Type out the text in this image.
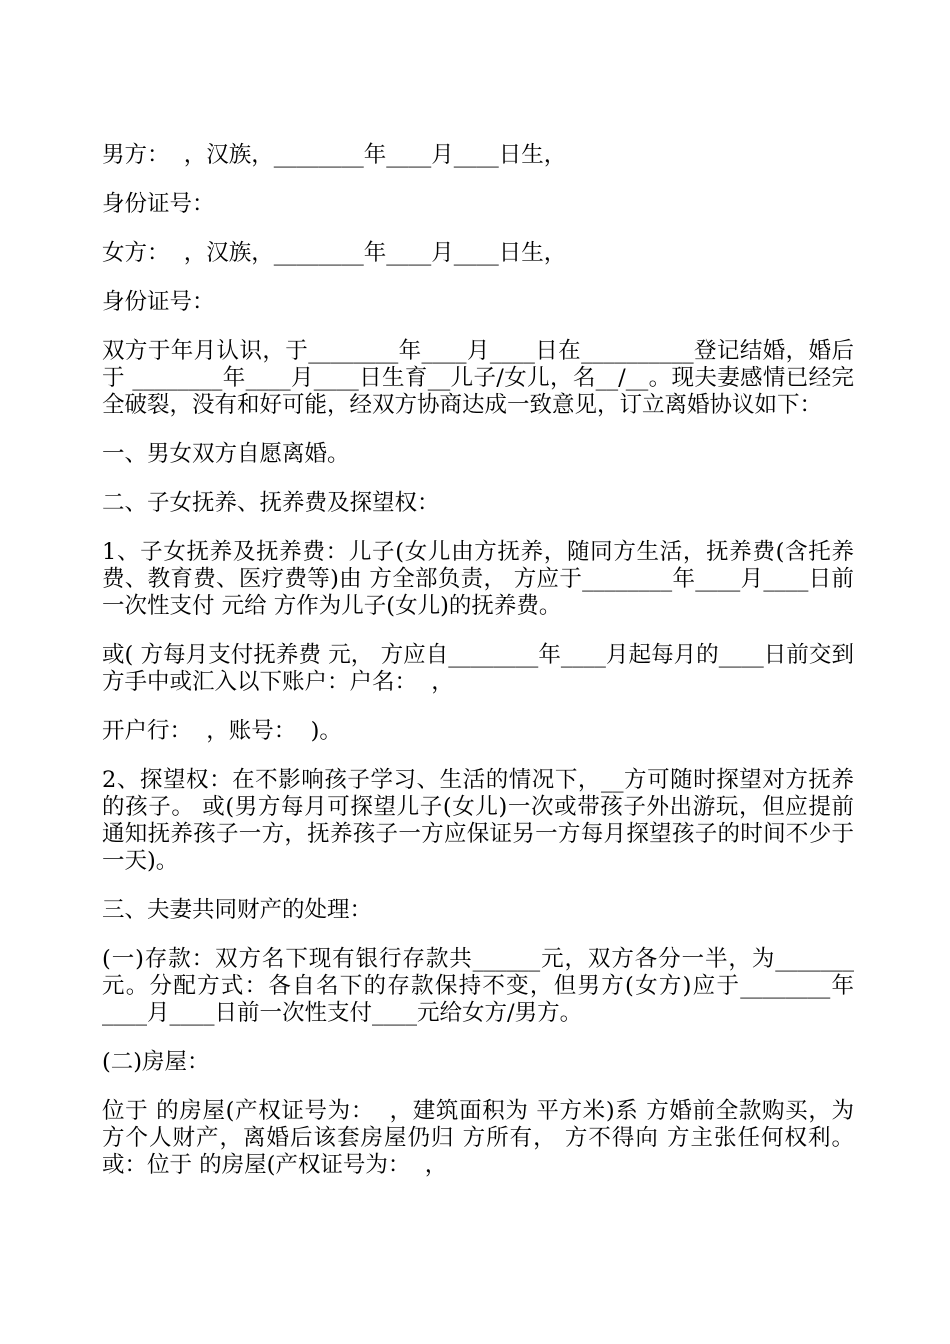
男方：  ，汉族，________年____月____日生，

身份证号：

女方：  ，汉族，________年____月____日生，

身份证号：

双方于年月认识，于________年____月____日在__________登记结婚，婚后于 ________年____月____日生育__儿子/女儿，名__/__。现夫妻感情已经完全破裂，没有和好可能，经双方协商达成一致意见，订立离婚协议如下：

一、男女双方自愿离婚。

二、子女抚养、抚养费及探望权：

1、子女抚养及抚养费：儿子(女儿由方抚养，随同方生活，抚养费(含托养费、教育费、医疗费等)由 方全部负责， 方应于________年____月____日前一次性支付 元给 方作为儿子(女儿)的抚养费。

或( 方每月支付抚养费 元， 方应自________年____月起每月的____日前交到 方手中或汇入以下账户：户名：  ，

开户行：  ，账号：  )。

2、探望权：在不影响孩子学习、生活的情况下，__方可随时探望对方抚养的孩子。 或(男方每月可探望儿子(女儿)一次或带孩子外出游玩，但应提前通知抚养孩子一方，抚养孩子一方应保证另一方每月探望孩子的时间不少于一天)。

三、夫妻共同财产的处理：

(一)存款：双方名下现有银行存款共______元，双方各分一半，为_______元。分配方式：各自名下的存款保持不变，但男方(女方)应于________年____月____日前一次性支付____元给女方/男方。

(二)房屋：

位于 的房屋(产权证号为：  ，建筑面积为 平方米)系 方婚前全款购买，为 方个人财产，离婚后该套房屋仍归 方所有， 方不得向 方主张任何权利。 或：位于 的房屋(产权证号为：  ，
